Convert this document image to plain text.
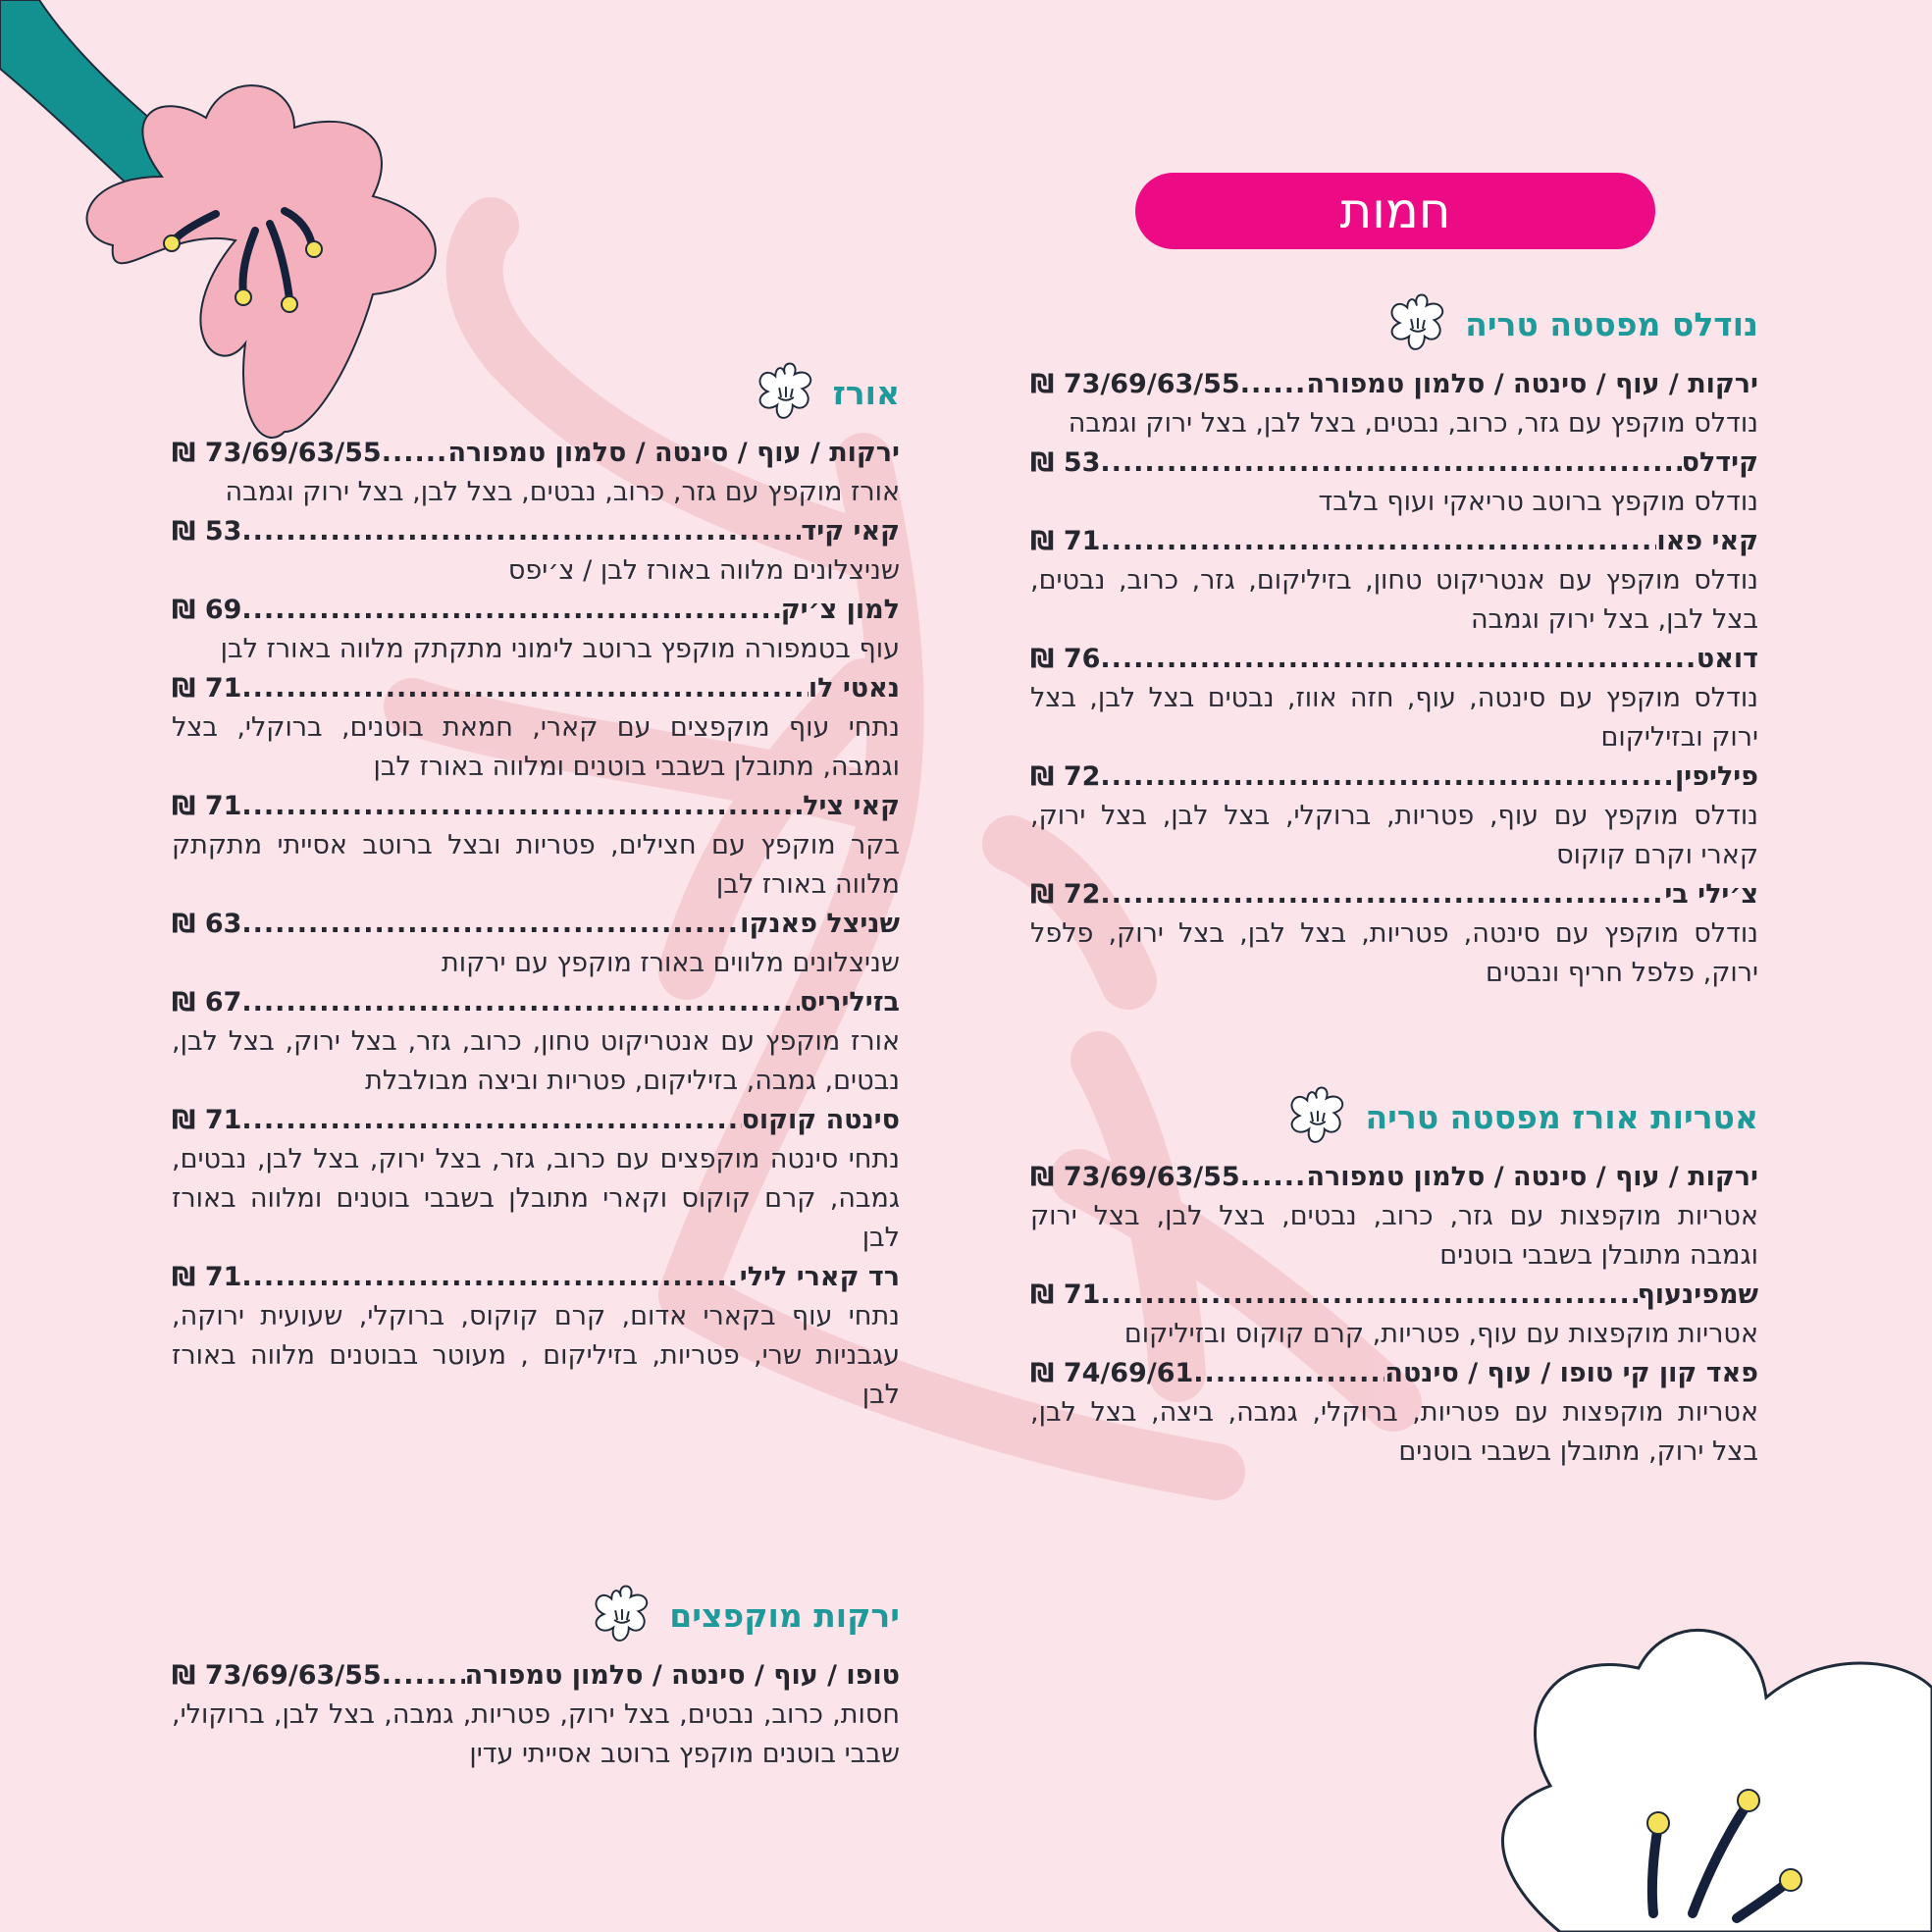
חמות
נודלס מפסטה טריה
ירקות / עוף / סינטה / סלמון טמפורה
.....
73/69/63/55 ₪
נודלס מוקפץ עם גזר, כרוב, נבטים, בצל לבן, בצל ירוק וגמבה
קידלס
.....
53 ₪
נודלס מוקפץ ברוטב טריאקי ועוף בלבד
קאי פאו
.....
71 ₪
נודלס מוקפץ עם אנטריקוט טחון, בזיליקום, גזר, כרוב, נבטים, בצל לבן, בצל ירוק וגמבה
דואט
.....
76 ₪
נודלס מוקפץ עם סינטה, עוף, חזה אווז, נבטים בצל לבן, בצל ירוק ובזיליקום
פיליפין
.....
72 ₪
נודלס מוקפץ עם עוף, פטריות, ברוקלי, בצל לבן, בצל ירוק, קארי וקרם קוקוס
צ׳ילי בי
.....
72 ₪
נודלס מוקפץ עם סינטה, פטריות, בצל לבן, בצל ירוק, פלפל ירוק, פלפל חריף ונבטים
אטריות אורז מפסטה טריה
ירקות / עוף / סינטה / סלמון טמפורה
.....
73/69/63/55 ₪
אטריות מוקפצות עם גזר, כרוב, נבטים, בצל לבן, בצל ירוק וגמבה מתובלן בשבבי בוטנים
שמפינעוף
.....
71 ₪
אטריות מוקפצות עם עוף, פטריות, קרם קוקוס ובזיליקום
פאד קון קי טופו / עוף / סינטה
.....
74/69/61 ₪
אטריות מוקפצות עם פטריות, ברוקלי, גמבה, ביצה, בצל לבן, בצל ירוק, מתובלן בשבבי בוטנים
אורז
ירקות / עוף / סינטה / סלמון טמפורה
.....
73/69/63/55 ₪
אורז מוקפץ עם גזר, כרוב, נבטים, בצל לבן, בצל ירוק וגמבה
קאי קיד
.....
53 ₪
שניצלונים מלווה באורז לבן / צ׳יפס
למון צ׳יק
.....
69 ₪
עוף בטמפורה מוקפץ ברוטב לימוני מתקתק מלווה באורז לבן
נאטי לו
.....
71 ₪
נתחי עוף מוקפצים עם קארי, חמאת בוטנים, ברוקלי, בצל וגמבה, מתובלן בשבבי בוטנים ומלווה באורז לבן
קאי ציל
.....
71 ₪
בקר מוקפץ עם חצילים, פטריות ובצל ברוטב אסייתי מתקתק מלווה באורז לבן
שניצל פאנקו
.....
63 ₪
שניצלונים מלווים באורז מוקפץ עם ירקות
בזיליריס
.....
67 ₪
אורז מוקפץ עם אנטריקוט טחון, כרוב, גזר, בצל ירוק, בצל לבן, נבטים, גמבה, בזיליקום, פטריות וביצה מבולבלת
סינטה קוקוס
.....
71 ₪
נתחי סינטה מוקפצים עם כרוב, גזר, בצל ירוק, בצל לבן, נבטים, גמבה, קרם קוקוס וקארי מתובלן בשבבי בוטנים ומלווה באורז לבן
רד קארי לילי
.....
71 ₪
נתחי עוף בקארי אדום, קרם קוקוס, ברוקלי, שעועית ירוקה, עגבניות שרי, פטריות, בזיליקום , מעוטר בבוטנים מלווה באורז לבן
ירקות מוקפצים
טופו / עוף / סינטה / סלמון טמפורה
.....
73/69/63/55 ₪
חסות, כרוב, נבטים, בצל ירוק, פטריות, גמבה, בצל לבן, ברוקולי, שבבי בוטנים מוקפץ ברוטב אסייתי עדין
